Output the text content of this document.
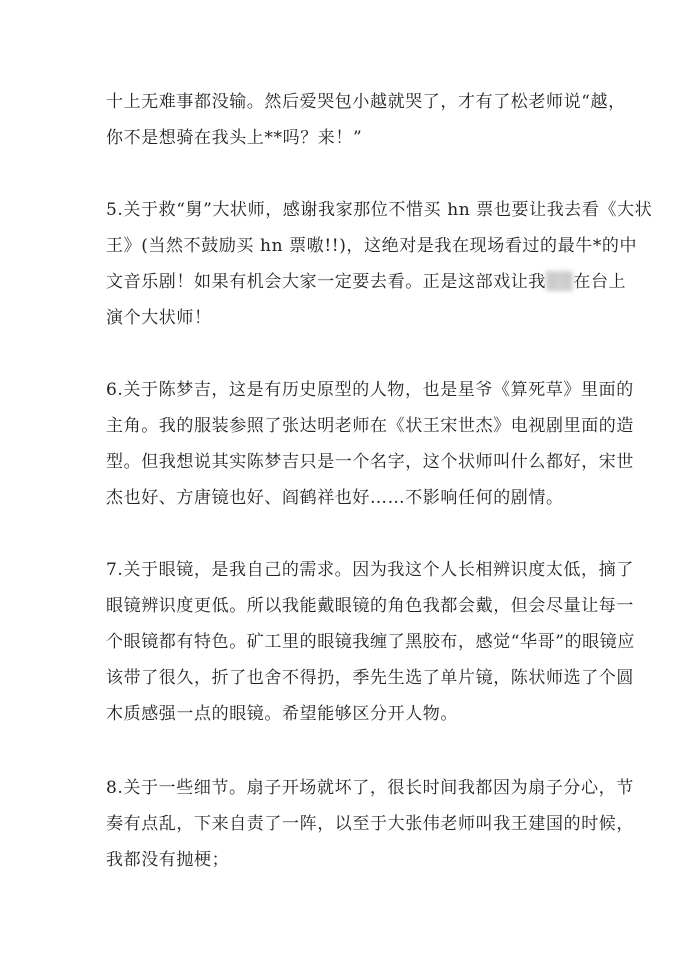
十上无难事都没输。然后爱哭包小越就哭了，才有了松老师说“越，
你不是想骑在我头上**吗？来！”

5.关于救“舅”大状师，感谢我家那位不惜买 hn 票也要让我去看《大状
王》(当然不鼓励买 hn 票嗷!!)，这绝对是我在现场看过的最牛*的中
文音乐剧！如果有机会大家一定要去看。正是这部戏让我▒▒在台上
演个大状师！

6.关于陈梦吉，这是有历史原型的人物，也是星爷《算死草》里面的
主角。我的服装参照了张达明老师在《状王宋世杰》电视剧里面的造
型。但我想说其实陈梦吉只是一个名字，这个状师叫什么都好，宋世
杰也好、方唐镜也好、阎鹤祥也好……不影响任何的剧情。

7.关于眼镜，是我自己的需求。因为我这个人长相辨识度太低，摘了
眼镜辨识度更低。所以我能戴眼镜的角色我都会戴，但会尽量让每一
个眼镜都有特色。矿工里的眼镜我缠了黑胶布，感觉“华哥”的眼镜应
该带了很久，折了也舍不得扔，季先生选了单片镜，陈状师选了个圆
木质感强一点的眼镜。希望能够区分开人物。

8.关于一些细节。扇子开场就坏了，很长时间我都因为扇子分心，节
奏有点乱，下来自责了一阵，以至于大张伟老师叫我王建国的时候，
我都没有抛梗；
